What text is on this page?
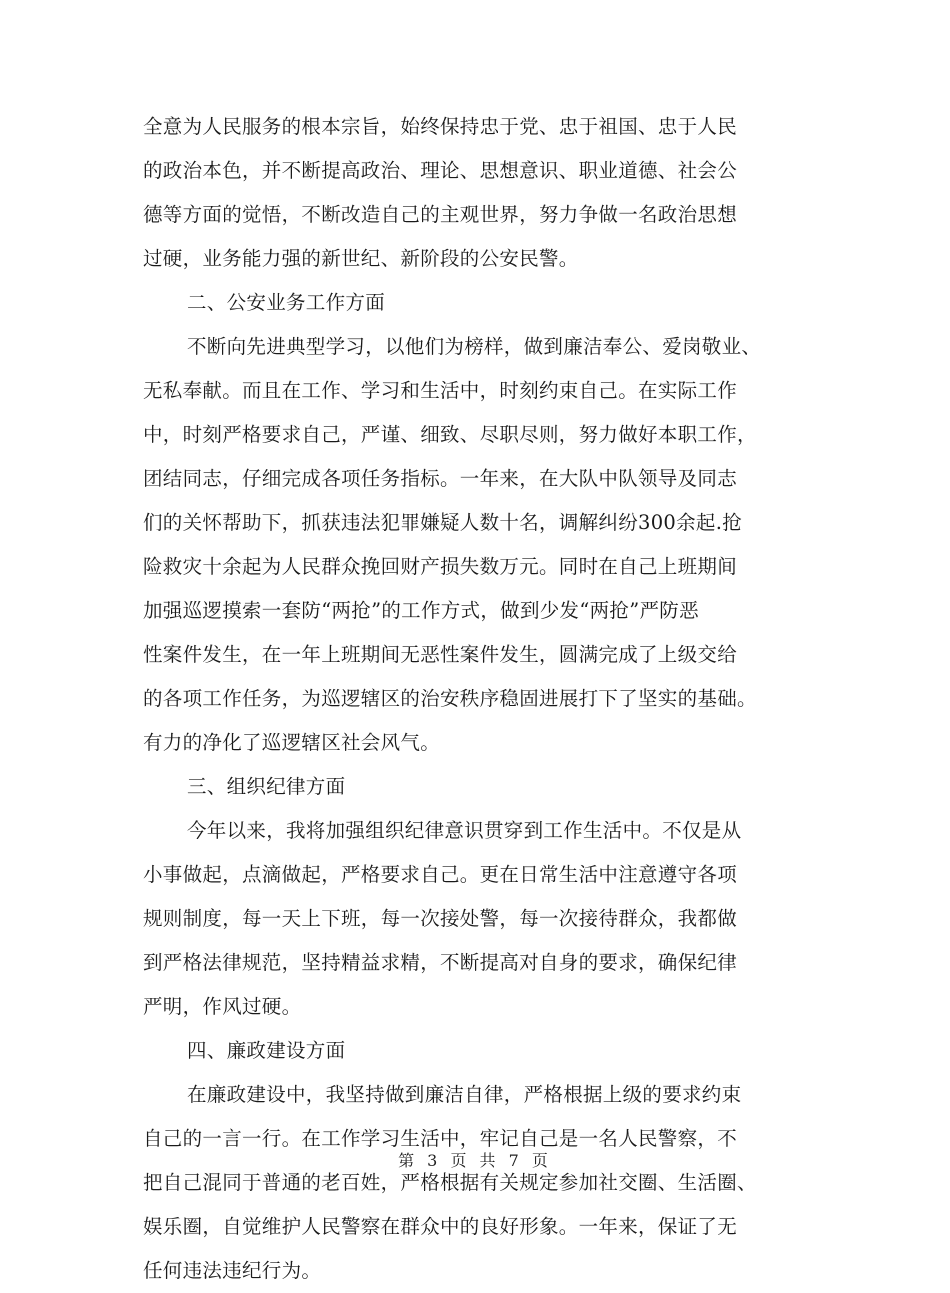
全意为人民服务的根本宗旨，始终保持忠于党、忠于祖国、忠于人民
的政治本色，并不断提高政治、理论、思想意识、职业道德、社会公
德等方面的觉悟，不断改造自己的主观世界，努力争做一名政治思想
过硬，业务能力强的新世纪、新阶段的公安民警。
二、公安业务工作方面
不断向先进典型学习，以他们为榜样，做到廉洁奉公、爱岗敬业、
无私奉献。而且在工作、学习和生活中，时刻约束自己。在实际工作
中，时刻严格要求自己，严谨、细致、尽职尽则，努力做好本职工作，
团结同志，仔细完成各项任务指标。一年来，在大队中队领导及同志
们的关怀帮助下，抓获违法犯罪嫌疑人数十名，调解纠纷300余起.抢
险救灾十余起为人民群众挽回财产损失数万元。同时在自己上班期间
加强巡逻摸索一套防“两抢”的工作方式，做到少发“两抢”严防恶
性案件发生，在一年上班期间无恶性案件发生，圆满完成了上级交给
的各项工作任务，为巡逻辖区的治安秩序稳固进展打下了坚实的基础。
有力的净化了巡逻辖区社会风气。
三、组织纪律方面
今年以来，我将加强组织纪律意识贯穿到工作生活中。不仅是从
小事做起，点滴做起，严格要求自己。更在日常生活中注意遵守各项
规则制度，每一天上下班，每一次接处警，每一次接待群众，我都做
到严格法律规范，坚持精益求精，不断提高对自身的要求，确保纪律
严明，作风过硬。
四、廉政建设方面
在廉政建设中，我坚持做到廉洁自律，严格根据上级的要求约束
自己的一言一行。在工作学习生活中，牢记自己是一名人民警察，不
把自己混同于普通的老百姓，严格根据有关规定参加社交圈、生活圈、
娱乐圈，自觉维护人民警察在群众中的良好形象。一年来，保证了无
任何违法违纪行为。
第 3 页 共 7 页
